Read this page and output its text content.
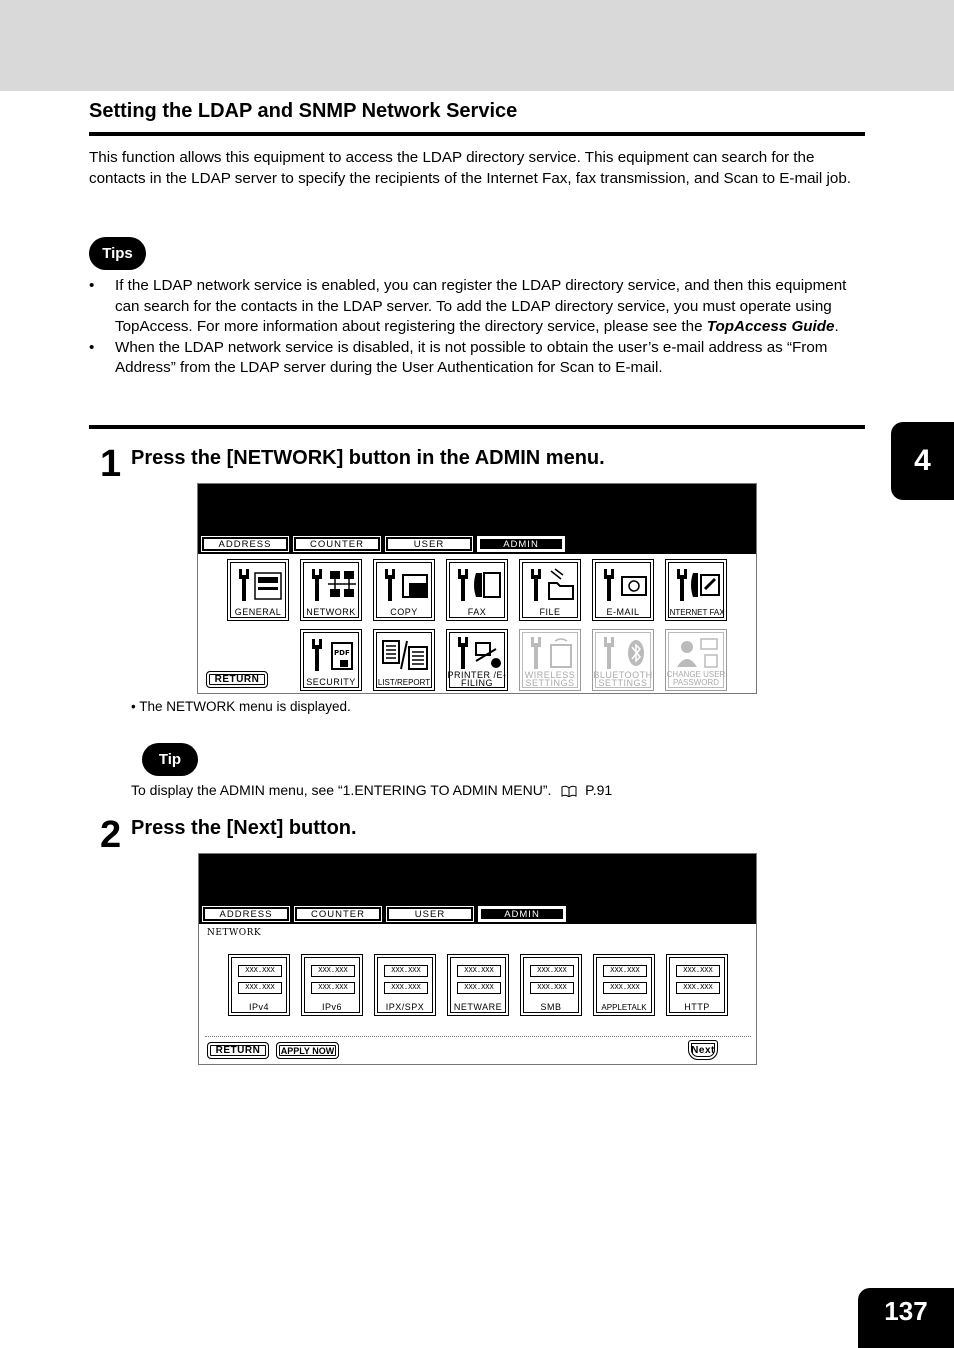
Setting the LDAP and SNMP Network Service
This function allows this equipment to access the LDAP directory service. This equipment can search for the contacts in the LDAP server to specify the recipients of the Internet Fax, fax transmission, and Scan to E-mail job.
Tips
• If the LDAP network service is enabled, you can register the LDAP directory service, and then this equipment can search for the contacts in the LDAP server. To add the LDAP directory service, you must operate using TopAccess. For more information about registering the directory service, please see the TopAccess Guide.
• When the LDAP network service is disabled, it is not possible to obtain the user’s e-mail address as “From Address” from the LDAP server during the User Authentication for Scan to E-mail.
4
1 Press the [NETWORK] button in the ADMIN menu.
ADDRESS	COUNTER	USER	ADMIN
GENERAL	NETWORK	COPY	FAX	FILE	E-MAIL	INTERNET FAX
RETURN
PDF
SECURITY	LIST/REPORT
PRINTER /E-FILING
WIRELESS SETTINGS
BLUETOOTH SETTINGS
CHANGE USER PASSWORD
• The NETWORK menu is displayed.
Tip
To display the ADMIN menu, see “1.ENTERING TO ADMIN MENU”. P.91
2 Press the [Next] button.
ADDRESS	COUNTER	USER	ADMIN
NETWORK
XXX.XXX
XXX.XXX
IPv4
XXX.XXX
XXX.XXX
IPv6
XXX.XXX
XXX.XXX
IPX/SPX
XXX.XXX
XXX.XXX
NETWARE
XXX.XXX
XXX.XXX
SMB
XXX.XXX
XXX.XXX
APPLETALK
XXX.XXX
XXX.XXX
HTTP
RETURN APPLY NOW	Next
137
